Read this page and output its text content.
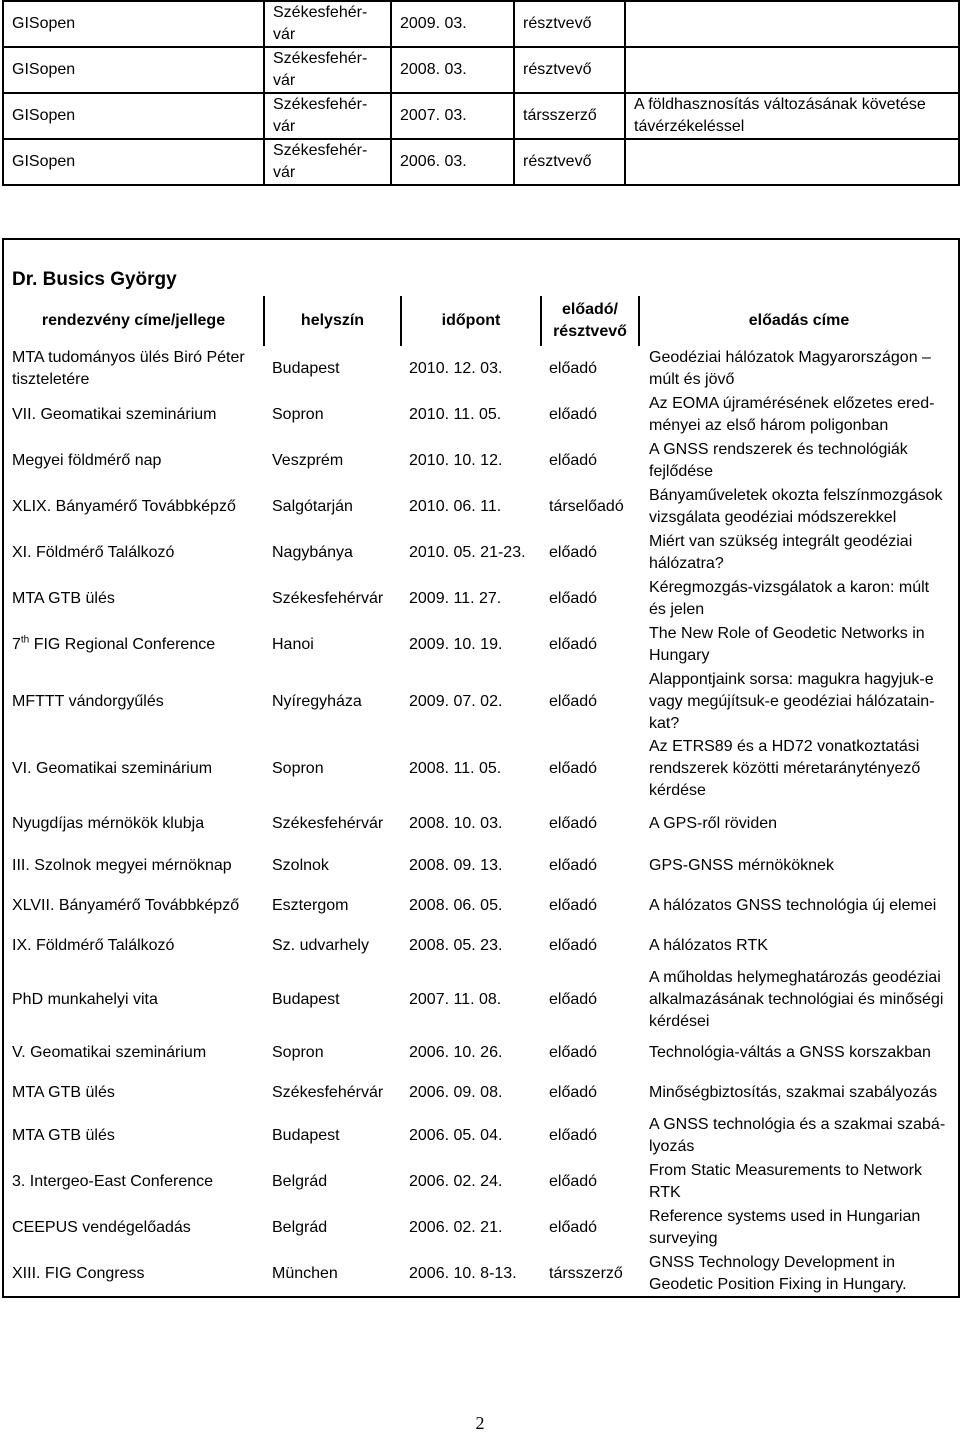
GISopen	Székesfehér-vár	2009. 03.	résztvevő	
GISopen	Székesfehér-vár	2008. 03.	résztvevő	
GISopen	Székesfehér-vár	2007. 03.	társszerző	A földhasznosítás változásának követése távérzékeléssel
GISopen	Székesfehér-vár	2006. 03.	résztvevő	
Dr. Busics György				
rendezvény címe/jellege	helyszín	időpont	előadó/ résztvevő	előadás címe
MTA tudományos ülés Biró Péter tiszteletére	Budapest	2010. 12. 03.	előadó	Geodéziai hálózatok Magyarországon – múlt és jövő
VII. Geomatikai szeminárium	Sopron	2010. 11. 05.	előadó	Az EOMA újramérésének előzetes ered-ményei az első három poligonban
Megyei földmérő nap	Veszprém	2010. 10. 12.	előadó	A GNSS rendszerek és technológiák fejlődése
XLIX. Bányamérő Továbbképző	Salgótarján	2010. 06. 11.	társelőadó	Bányaműveletek okozta felszínmozgások vizsgálata geodéziai módszerekkel
XI. Földmérő Találkozó	Nagybánya	2010. 05. 21-23.	előadó	Miért van szükség integrált geodéziai hálózatra?
MTA GTB ülés	Székesfehérvár	2009. 11. 27.	előadó	Kéregmozgás-vizsgálatok a karon: múlt és jelen
7th FIG Regional Conference	Hanoi	2009. 10. 19.	előadó	The New Role of Geodetic Networks in Hungary
MFTTT vándorgyűlés	Nyíregyháza	2009. 07. 02.	előadó	Alappontjaink sorsa: magukra hagyjuk-e vagy megújítsuk-e geodéziai hálózatain-kat?
VI. Geomatikai szeminárium	Sopron	2008. 11. 05.	előadó	Az ETRS89 és a HD72 vonatkoztatási rendszerek közötti méretaránytényező kérdése
Nyugdíjas mérnökök klubja	Székesfehérvár	2008. 10. 03.	előadó	A GPS-ről röviden
III. Szolnok megyei mérnöknap	Szolnok	2008. 09. 13.	előadó	GPS-GNSS mérnököknek
XLVII. Bányamérő Továbbképző	Esztergom	2008. 06. 05.	előadó	A hálózatos GNSS technológia új elemei
IX. Földmérő Találkozó	Sz. udvarhely	2008. 05. 23.	előadó	A hálózatos RTK
PhD munkahelyi vita	Budapest	2007. 11. 08.	előadó	A műholdas helymeghatározás geodéziai alkalmazásának technológiai és minőségi kérdései
V. Geomatikai szeminárium	Sopron	2006. 10. 26.	előadó	Technológia-váltás a GNSS korszakban
MTA GTB ülés	Székesfehérvár	2006. 09. 08.	előadó	Minőségbiztosítás, szakmai szabályozás
MTA GTB ülés	Budapest	2006. 05. 04.	előadó	A GNSS technológia és a szakmai szabá-lyozás
3. Intergeo-East Conference	Belgrád	2006. 02. 24.	előadó	From Static Measurements to Network RTK
CEEPUS vendégelőadás	Belgrád	2006. 02. 21.	előadó	Reference systems used in Hungarian surveying
XIII. FIG Congress	München	2006. 10. 8-13.	társszerző	GNSS Technology Development in Geodetic Position Fixing in Hungary.
2
